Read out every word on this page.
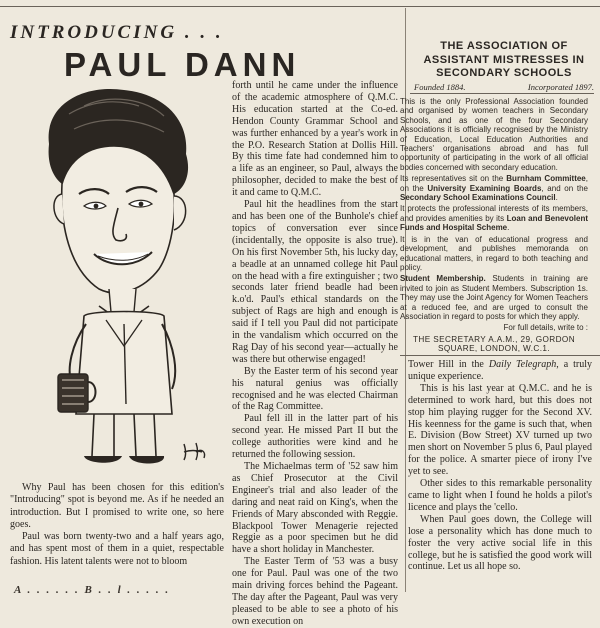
INTRODUCING . . .
PAUL DANN

Why Paul has been chosen for this edition's "Introducing" spot is beyond me. As if he needed an introduction. But I promised to write one, so here goes.

Paul was born twenty-two and a half years ago, and has spent most of them in a quiet, respectable fashion. His latent talents were not to bloom

forth until he came under the influence of the academic atmosphere of Q.M.C. His education started at the Co-ed. Hendon County Grammar School and was further enhanced by a year's work in the P.O. Research Station at Dollis Hill. By this time fate had condemned him to a life as an engineer, so Paul, always the philosopher, decided to make the best of it and came to Q.M.C.

Paul hit the headlines from the start and has been one of the Bunhole's chief topics of conversation ever since (incidentally, the opposite is also true). On his first November 5th, his lucky day, a beadle at an unnamed college hit Paul on the head with a fire extinguisher ; two seconds later friend beadle had been k.o'd. Paul's ethical standards on the subject of Rags are high and enough is said if I tell you Paul did not participate in the vandalism which occurred on the Rag Day of his second year—actually he was there but otherwise engaged!

By the Easter term of his second year his natural genius was officially recognised and he was elected Chairman of the Rag Committee.

Paul fell ill in the latter part of his second year. He missed Part II but the college authorities were kind and he returned the following session.

The Michaelmas term of '52 saw him as Chief Prosecutor at the Civil Engineer's trial and also leader of the daring and neat raid on King's, when the Friends of Mary absconded with Reggie. Blackpool Tower Menagerie rejected Reggie as a poor specimen but he did have a short holiday in Manchester.

The Easter Term of '53 was a busy one for Paul. Paul was one of the two main driving forces behind the Pageant. The day after the Pageant, Paul was very pleased to be able to see a photo of his own execution on

THE ASSOCIATION OF ASSISTANT MISTRESSES IN SECONDARY SCHOOLS
Founded 1884.	Incorporated 1897.

This is the only Professional Association founded and organised by women teachers in Secondary Schools, and as one of the four Secondary Associations it is officially recognised by the Ministry of Education, Local Education Authorities and Teachers' organisations abroad and has full opportunity of participating in the work of all official bodies concerned with secondary education.

Its representatives sit on the Burnham Committee, on the University Examining Boards, and on the Secondary School Examinations Council.

It protects the professional interests of its members, and provides amenities by its Loan and Benevolent Funds and Hospital Scheme.

It is in the van of educational progress and development, and publishes memoranda on educational matters, in regard to both teaching and policy.

Student Membership. Students in training are invited to join as Student Members. Subscription 1s. They may use the Joint Agency for Women Teachers at a reduced fee, and are urged to consult the Association in regard to posts for which they apply.

For full details, write to :
THE SECRETARY A.A.M., 29, GORDON SQUARE, LONDON, W.C.1.

Tower Hill in the Daily Telegraph, a truly unique experience.

This is his last year at Q.M.C. and he is determined to work hard, but this does not stop him playing rugger for the Second XV. His keenness for the game is such that, when E. Division (Bow Street) XV turned up two men short on November 5 plus 6, Paul played for the police. A smarter piece of irony I've yet to see.

Other sides to this remarkable personality came to light when I found he holds a pilot's licence and plays the 'cello.

When Paul goes down, the College will lose a personality which has done much to foster the very active social life in this college, but he is satisfied the good work will continue. Let us all hope so.

A . . . . . . B . . l . . . . .
